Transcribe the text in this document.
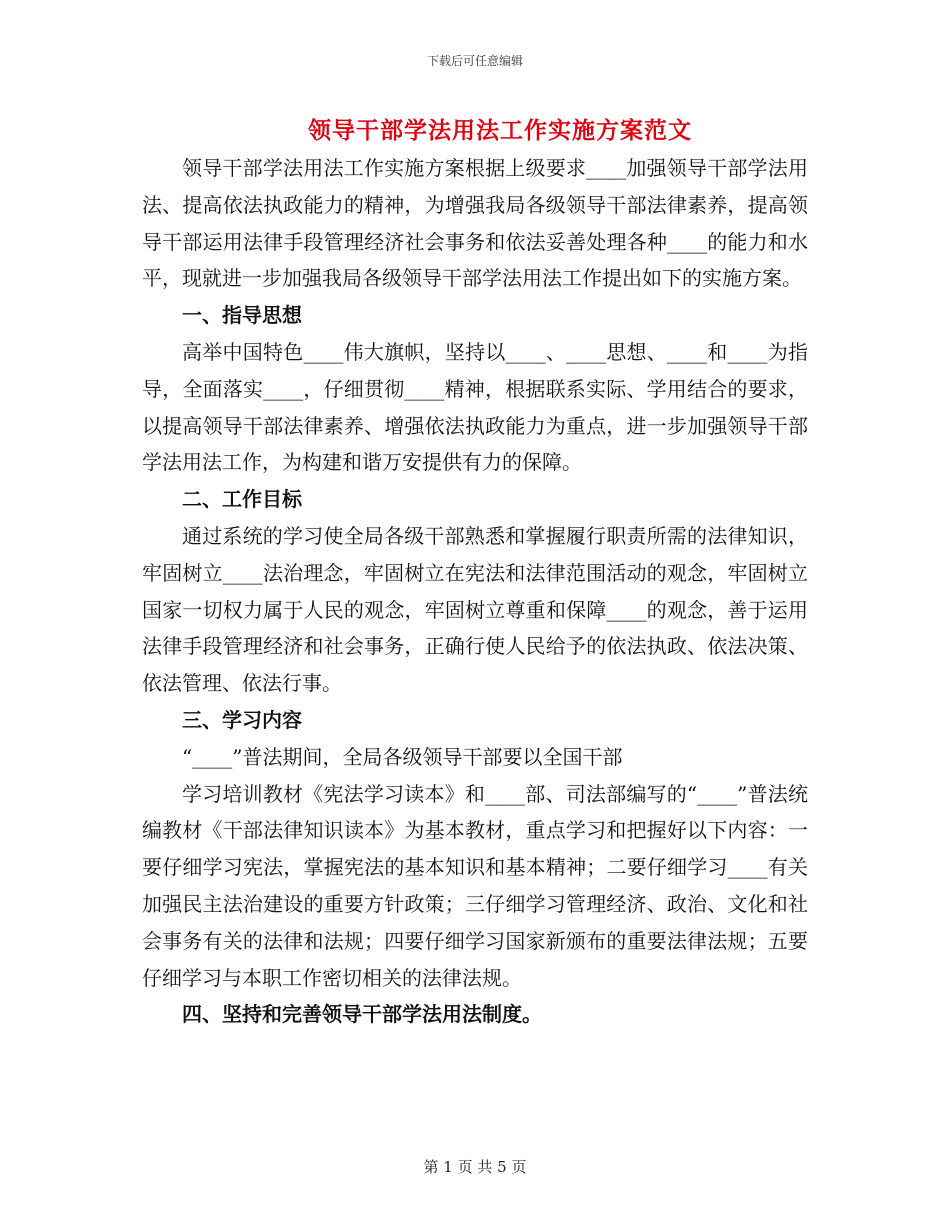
下载后可任意编辑
领导干部学法用法工作实施方案范文

领导干部学法用法工作实施方案根据上级要求____加强领导干部学法用法、提高依法执政能力的精神，为增强我局各级领导干部法律素养，提高领导干部运用法律手段管理经济社会事务和依法妥善处理各种____的能力和水平，现就进一步加强我局各级领导干部学法用法工作提出如下的实施方案。

一、指导思想

高举中国特色____伟大旗帜，坚持以____、____思想、____和____为指导，全面落实____，仔细贯彻____精神，根据联系实际、学用结合的要求，以提高领导干部法律素养、增强依法执政能力为重点，进一步加强领导干部学法用法工作，为构建和谐万安提供有力的保障。

二、工作目标

通过系统的学习使全局各级干部熟悉和掌握履行职责所需的法律知识，牢固树立____法治理念，牢固树立在宪法和法律范围活动的观念，牢固树立国家一切权力属于人民的观念，牢固树立尊重和保障____的观念，善于运用法律手段管理经济和社会事务，正确行使人民给予的依法执政、依法决策、依法管理、依法行事。

三、学习内容

“____”普法期间，全局各级领导干部要以全国干部

学习培训教材《宪法学习读本》和____部、司法部编写的“____”普法统编教材《干部法律知识读本》为基本教材，重点学习和把握好以下内容：一要仔细学习宪法，掌握宪法的基本知识和基本精神；二要仔细学习____有关加强民主法治建设的重要方针政策；三仔细学习管理经济、政治、文化和社会事务有关的法律和法规；四要仔细学习国家新颁布的重要法律法规；五要仔细学习与本职工作密切相关的法律法规。

四、坚持和完善领导干部学法用法制度。
第 1 页 共 5 页
